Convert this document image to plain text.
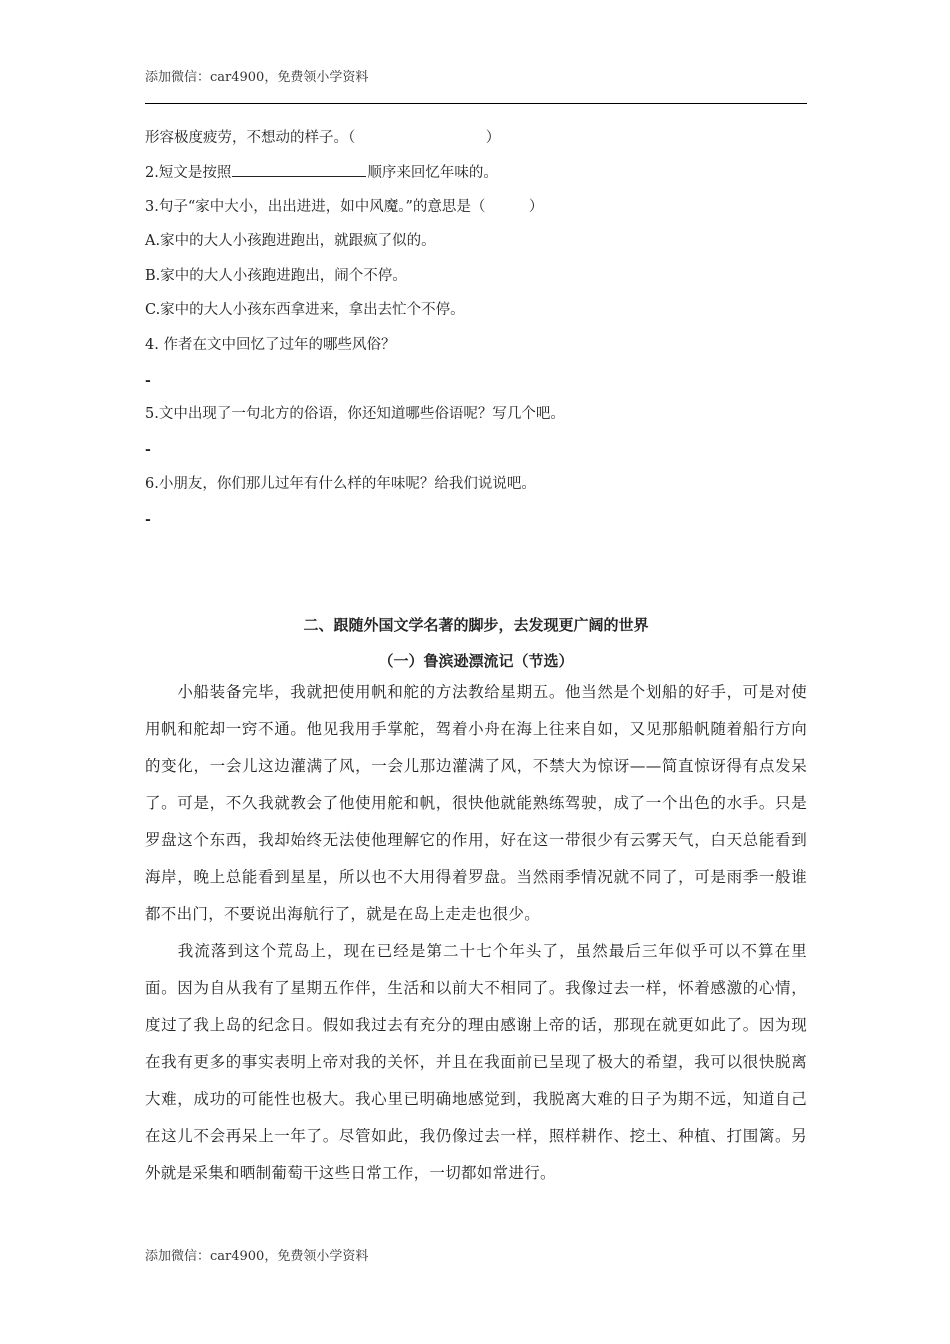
添加微信：car4900，免费领小学资料
形容极度疲劳，不想动的样子。（　　　　　　　　　）
2.短文是按照	顺序来回忆年味的。
3.句子“家中大小，出出进进，如中风魔。”的意思是（　　　）
A.家中的大人小孩跑进跑出，就跟疯了似的。
B.家中的大人小孩跑进跑出，闹个不停。
C.家中的大人小孩东西拿进来，拿出去忙个不停。
4. 作者在文中回忆了过年的哪些风俗？
-
5.文中出现了一句北方的俗语，你还知道哪些俗语呢？写几个吧。
-
6.小朋友，你们那儿过年有什么样的年味呢？给我们说说吧。
-
二、跟随外国文学名著的脚步，去发现更广阔的世界
（一）鲁滨逊漂流记（节选）
小船装备完毕，我就把使用帆和舵的方法教给星期五。他当然是个划船的好手，可是对使用帆和舵却一窍不通。他见我用手掌舵，驾着小舟在海上往来自如，又见那船帆随着船行方向的变化，一会儿这边灌满了风，一会儿那边灌满了风，不禁大为惊讶——简直惊讶得有点发呆了。可是，不久我就教会了他使用舵和帆，很快他就能熟练驾驶，成了一个出色的水手。只是罗盘这个东西，我却始终无法使他理解它的作用，好在这一带很少有云雾天气，白天总能看到海岸，晚上总能看到星星，所以也不大用得着罗盘。当然雨季情况就不同了，可是雨季一般谁都不出门，不要说出海航行了，就是在岛上走走也很少。
我流落到这个荒岛上，现在已经是第二十七个年头了，虽然最后三年似乎可以不算在里面。因为自从我有了星期五作伴，生活和以前大不相同了。我像过去一样，怀着感激的心情，度过了我上岛的纪念日。假如我过去有充分的理由感谢上帝的话，那现在就更如此了。因为现在我有更多的事实表明上帝对我的关怀，并且在我面前已呈现了极大的希望，我可以很快脱离大难，成功的可能性也极大。我心里已明确地感觉到，我脱离大难的日子为期不远，知道自己在这儿不会再呆上一年了。尽管如此，我仍像过去一样，照样耕作、挖土、种植、打围篱。另外就是采集和晒制葡萄干这些日常工作，一切都如常进行。
添加微信：car4900，免费领小学资料
